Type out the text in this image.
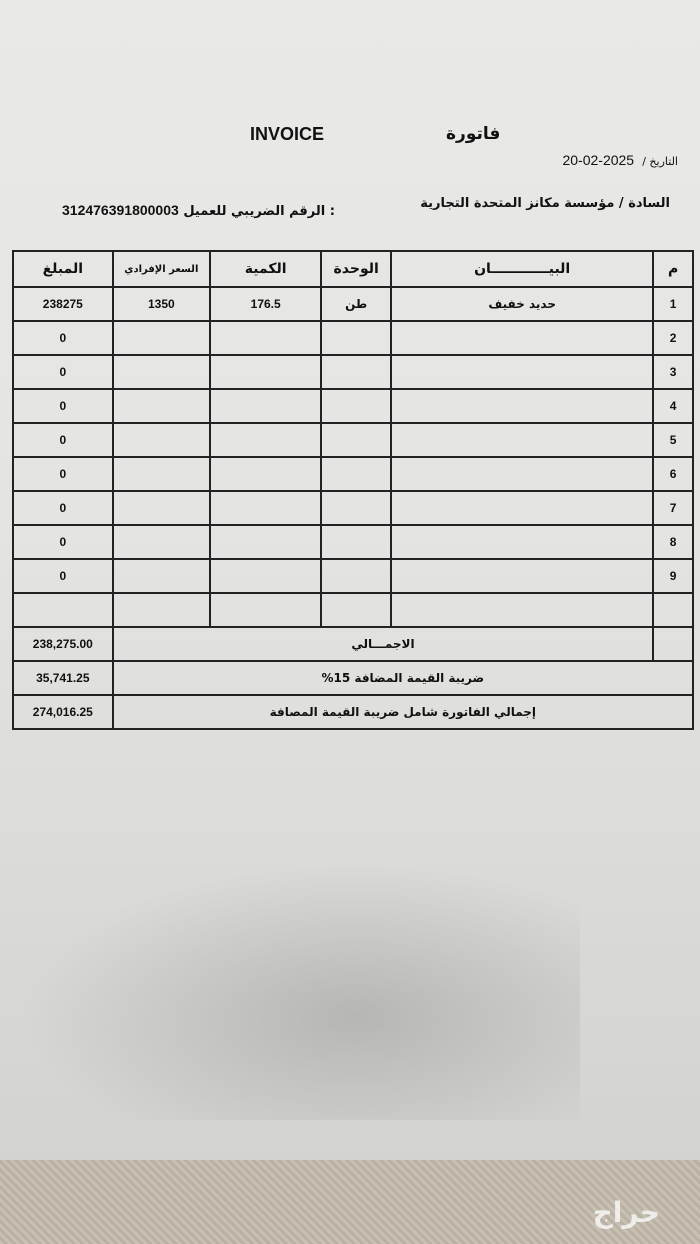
INVOICE	فاتورة
التاريخ / 2025-02-20
السادة / مؤسسة مكانز المتحدة التجارية
312476391800003 الرقم الضريبي للعميل :
م	البيــــــــــــان	الوحدة	الكمية	السعر الإفرادي	المبلغ
1	حديد خفيف	طن	176.5	1350	238275
2					0
3					0
4					0
5					0
6					0
7					0
8					0
9					0

	الاجمـــالي				238,275.00
ضريبة القيمة المضافة 15%					35,741.25
إجمالي الفاتورة شامل ضريبة القيمة المصافة					274,016.25
حراج
